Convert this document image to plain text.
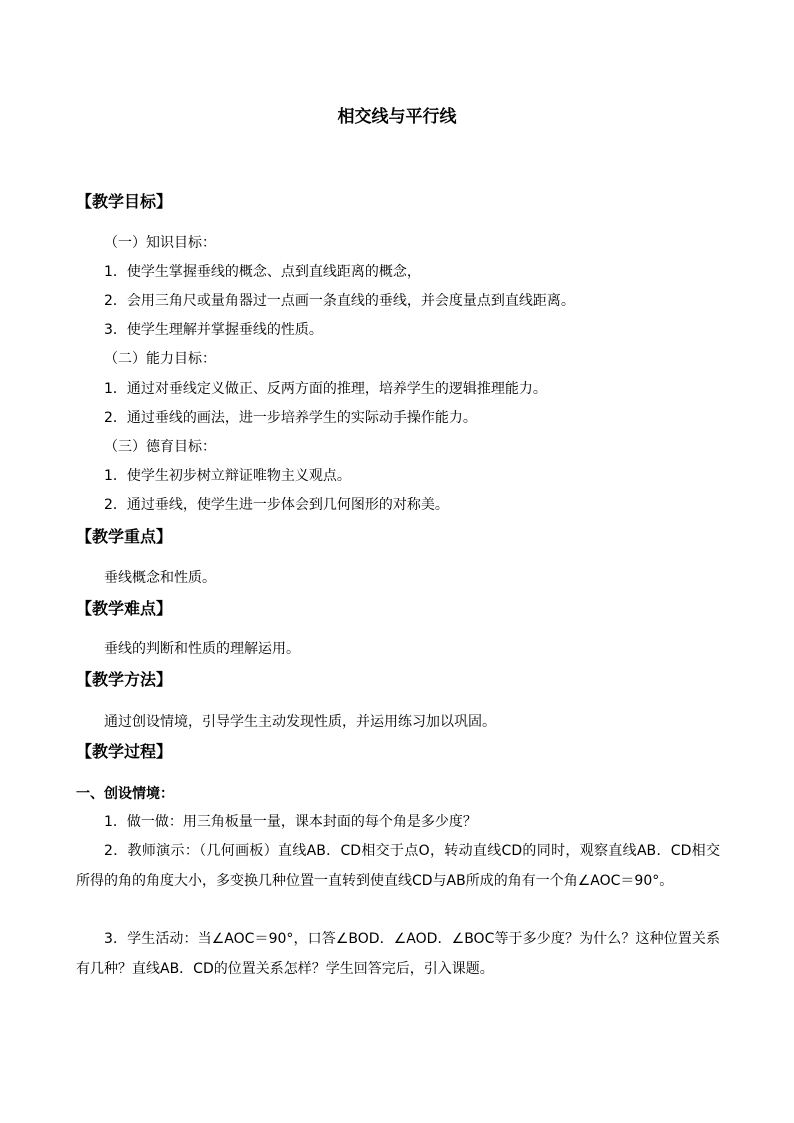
相交线与平行线
【教学目标】
（一）知识目标：
1．使学生掌握垂线的概念、点到直线距离的概念，
2．会用三角尺或量角器过一点画一条直线的垂线，并会度量点到直线距离。
3．使学生理解并掌握垂线的性质。
（二）能力目标：
1．通过对垂线定义做正、反两方面的推理，培养学生的逻辑推理能力。
2．通过垂线的画法，进一步培养学生的实际动手操作能力。
（三）德育目标：
1．使学生初步树立辩证唯物主义观点。
2．通过垂线，使学生进一步体会到几何图形的对称美。
【教学重点】
垂线概念和性质。
【教学难点】
垂线的判断和性质的理解运用。
【教学方法】
通过创设情境，引导学生主动发现性质，并运用练习加以巩固。
【教学过程】
一、创设情境：
1．做一做：用三角板量一量，课本封面的每个角是多少度？
2．教师演示：（几何画板）直线AB．CD相交于点O，转动直线CD的同时，观察直线AB．CD相交所得的角的角度大小，多变换几种位置一直转到使直线CD与AB所成的角有一个角∠AOC＝90°。
3．学生活动：当∠AOC＝90°，口答∠BOD．∠AOD．∠BOC等于多少度？为什么？这种位置关系有几种？直线AB．CD的位置关系怎样？学生回答完后，引入课题。
